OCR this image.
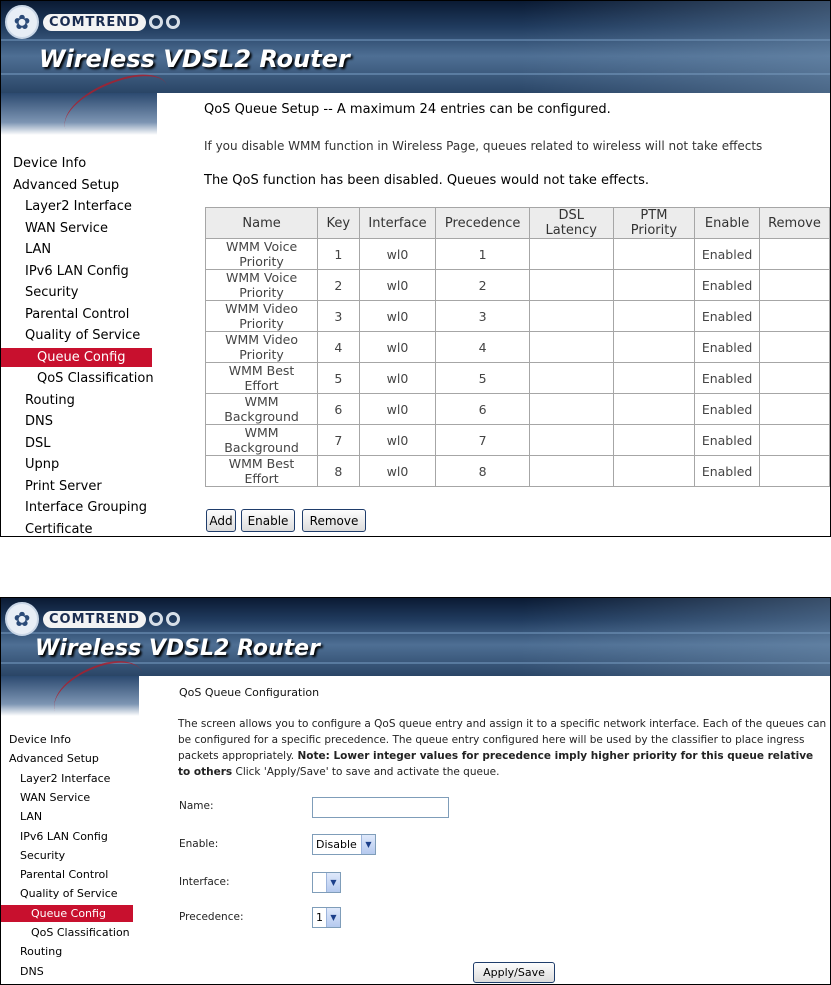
✿	COMTREND
Wireless VDSL2 Router
Device Info
Advanced Setup
Layer2 Interface
WAN Service
LAN
IPv6 LAN Config
Security
Parental Control
Quality of Service
Queue Config
QoS Classification
Routing
DNS
DSL
Upnp
Print Server
Interface Grouping
Certificate
QoS Queue Setup -- A maximum 24 entries can be configured.
If you disable WMM function in Wireless Page, queues related to wireless will not take effects
The QoS function has been disabled. Queues would not take effects.
Name	Key	Interface	Precedence	DSL Latency	PTM Priority	Enable	Remove
WMM Voice Priority	1	wl0	1			Enabled	
WMM Voice Priority	2	wl0	2			Enabled	
WMM Video Priority	3	wl0	3			Enabled	
WMM Video Priority	4	wl0	4			Enabled	
WMM Best Effort	5	wl0	5			Enabled	
WMM Background	6	wl0	6			Enabled	
WMM Background	7	wl0	7			Enabled	
WMM Best Effort	8	wl0	8			Enabled	
Add	Enable	Remove
✿	COMTREND
Wireless VDSL2 Router
Device Info
Advanced Setup
Layer2 Interface
WAN Service
LAN
IPv6 LAN Config
Security
Parental Control
Quality of Service
Queue Config
QoS Classification
Routing
DNS
QoS Queue Configuration
The screen allows you to configure a QoS queue entry and assign it to a specific network interface. Each of the queues can be configured for a specific precedence. The queue entry configured here will be used by the classifier to place ingress packets appropriately. Note: Lower integer values for precedence imply higher priority for this queue relative to others Click 'Apply/Save' to save and activate the queue.
Name:
Enable:	Disable	▼
Interface:	▼
Precedence:	1 ▼
Apply/Save
